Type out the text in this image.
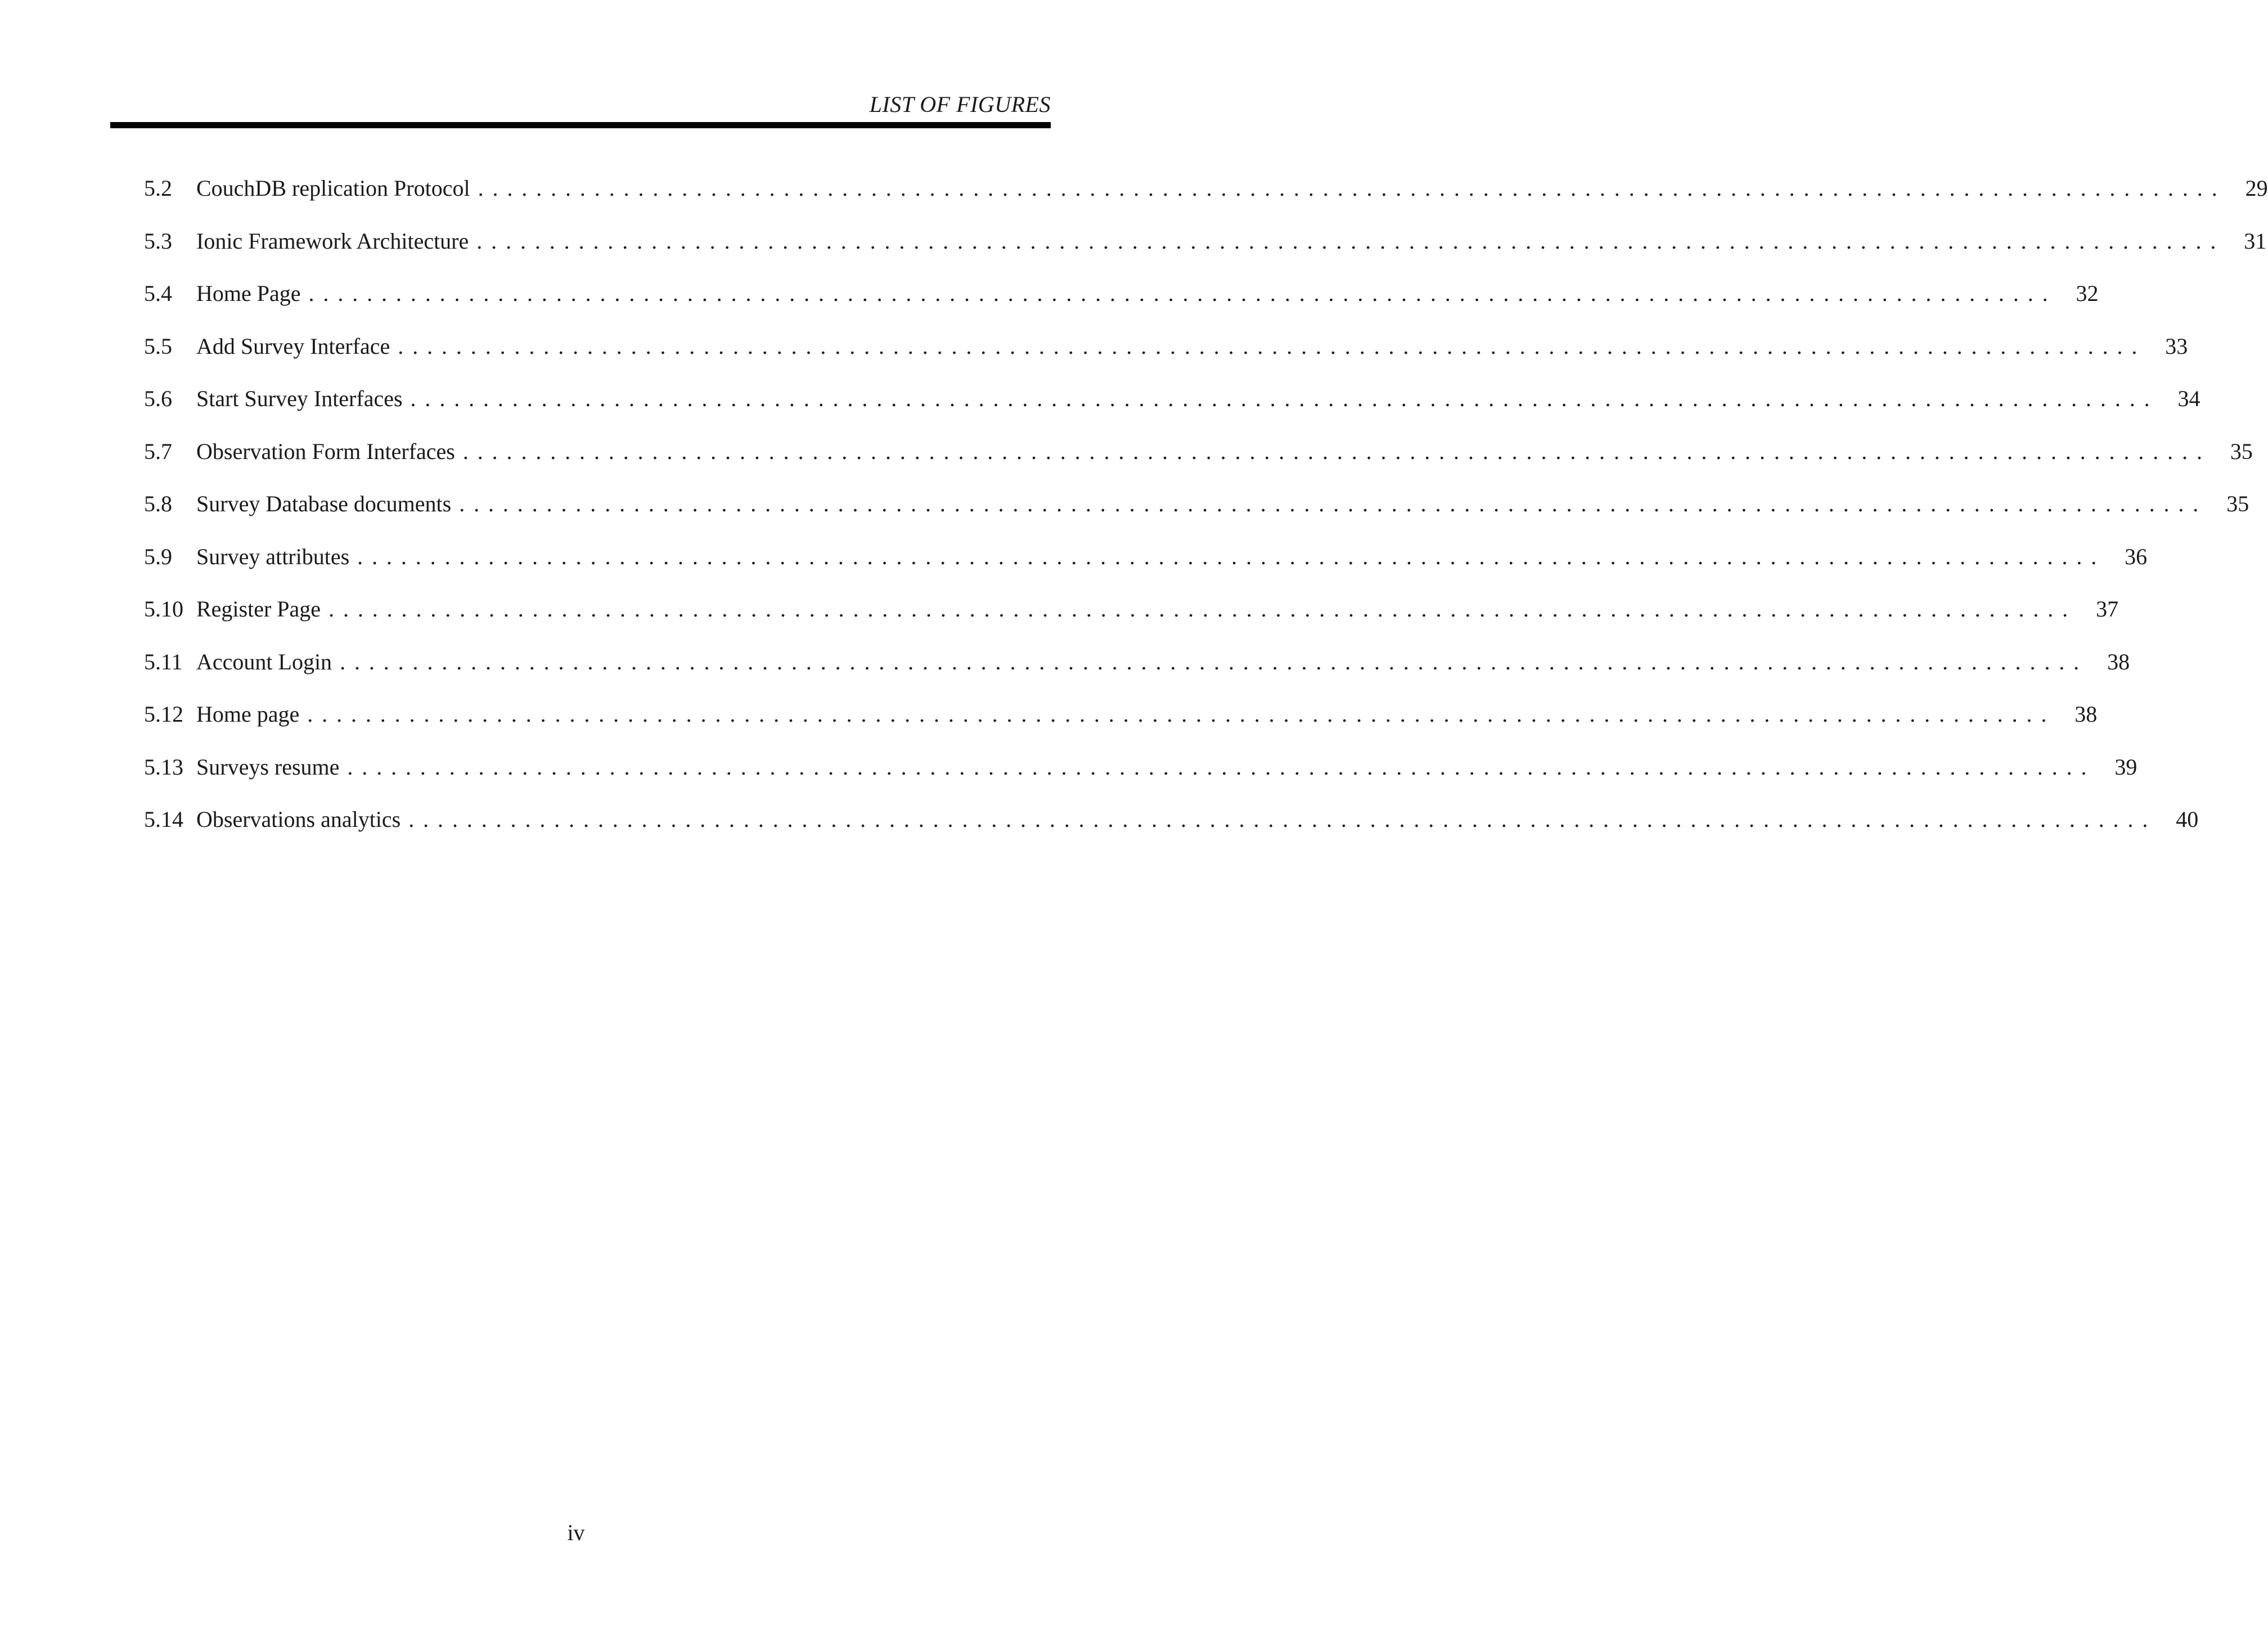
LIST OF FIGURES
5.2	CouchDB replication Protocol ........................................................................................................................ 29
5.3	Ionic Framework Architecture ........................................................................................................................ 31
5.4	Home Page ........................................................................................................................ 32
5.5	Add Survey Interface ........................................................................................................................ 33
5.6	Start Survey Interfaces ........................................................................................................................ 34
5.7	Observation Form Interfaces ........................................................................................................................ 35
5.8	Survey Database documents ........................................................................................................................ 35
5.9	Survey attributes ........................................................................................................................ 36
5.10 Register Page ........................................................................................................................ 37
5.11 Account Login ........................................................................................................................ 38
5.12 Home page ........................................................................................................................ 38
5.13 Surveys resume ........................................................................................................................ 39
5.14 Observations analytics ........................................................................................................................ 40
iv
